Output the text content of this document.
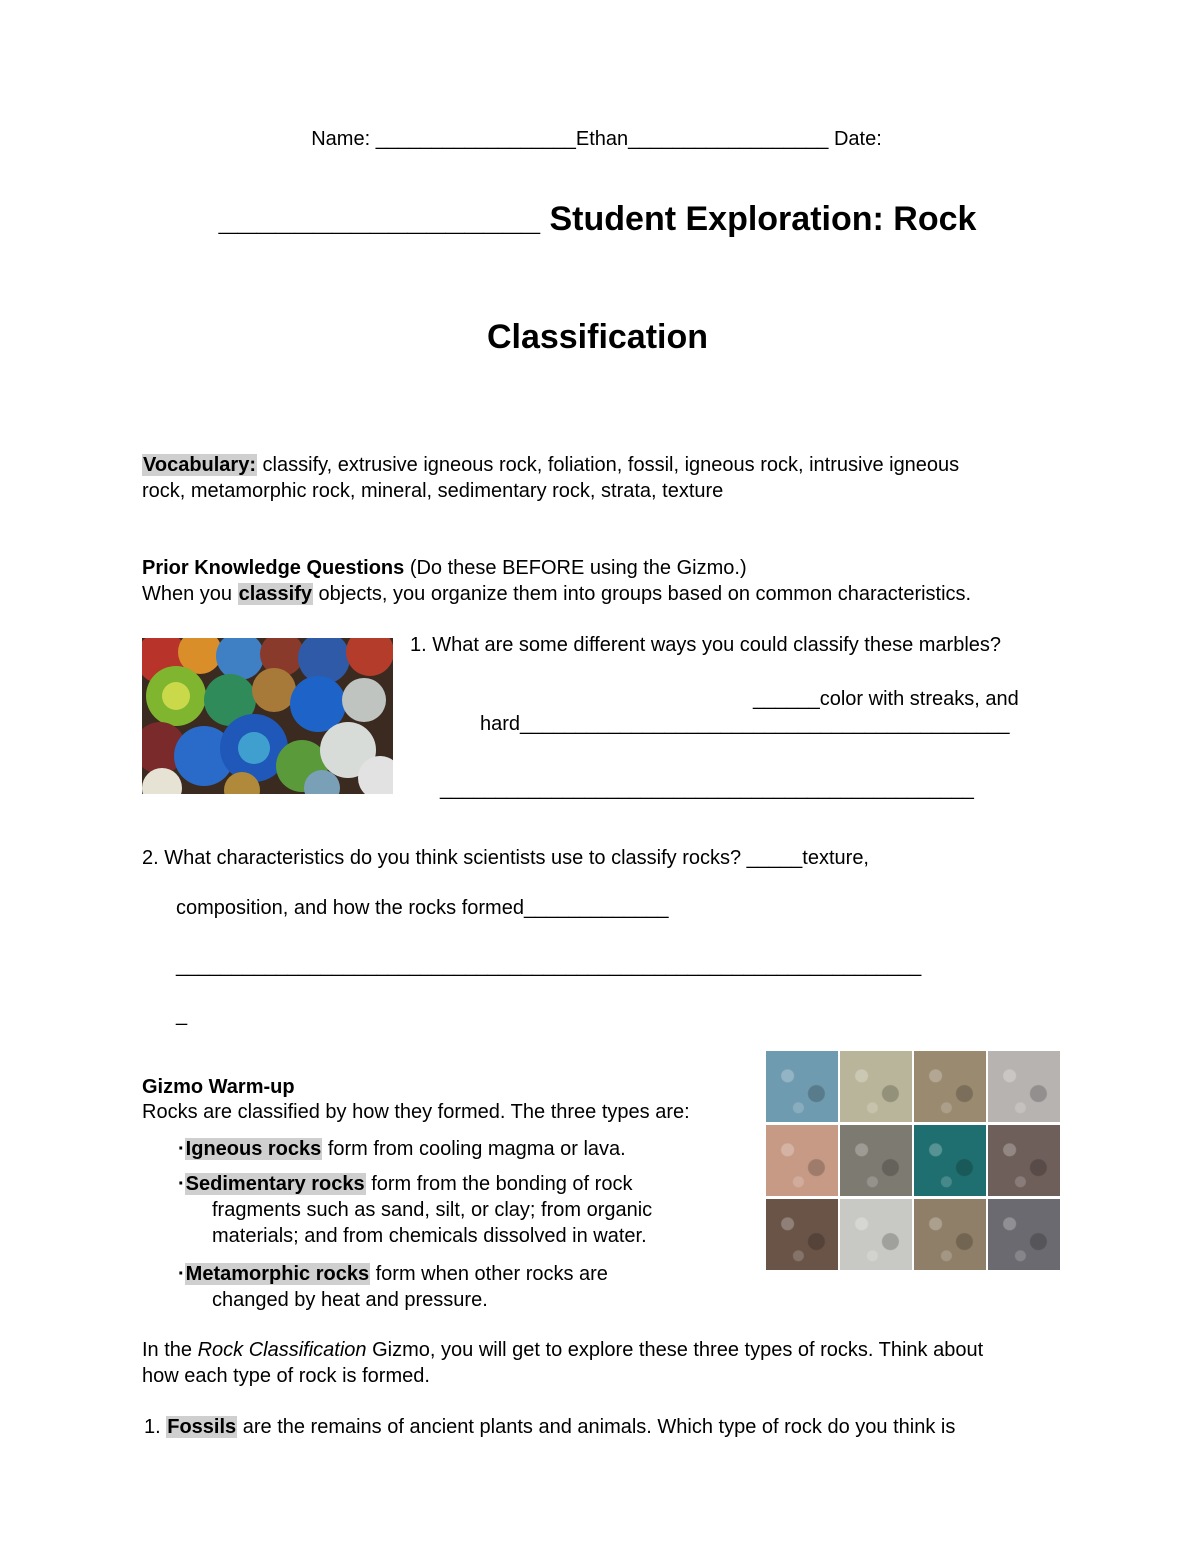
Name: __________________Ethan__________________ Date:
_________________ Student Exploration: Rock
Classification
Vocabulary: classify, extrusive igneous rock, foliation, fossil, igneous rock, intrusive igneous
rock, metamorphic rock, mineral, sedimentary rock, strata, texture
Prior Knowledge Questions (Do these BEFORE using the Gizmo.)
When you classify objects, you organize them into groups based on common characteristics.
1. What are some different ways you could classify these marbles?
______color with streaks, and
hard____________________________________________
________________________________________________
2. What characteristics do you think scientists use to classify rocks? _____texture,
composition, and how the rocks formed_____________
___________________________________________________________________
_
Gizmo Warm-up
Rocks are classified by how they formed. The three types are:
·Igneous rocks form from cooling magma or lava.
·Sedimentary rocks form from the bonding of rock
fragments such as sand, silt, or clay; from organic
materials; and from chemicals dissolved in water.
·Metamorphic rocks form when other rocks are
changed by heat and pressure.
In the Rock Classification Gizmo, you will get to explore these three types of rocks. Think about
how each type of rock is formed.
1. Fossils are the remains of ancient plants and animals. Which type of rock do you think is
